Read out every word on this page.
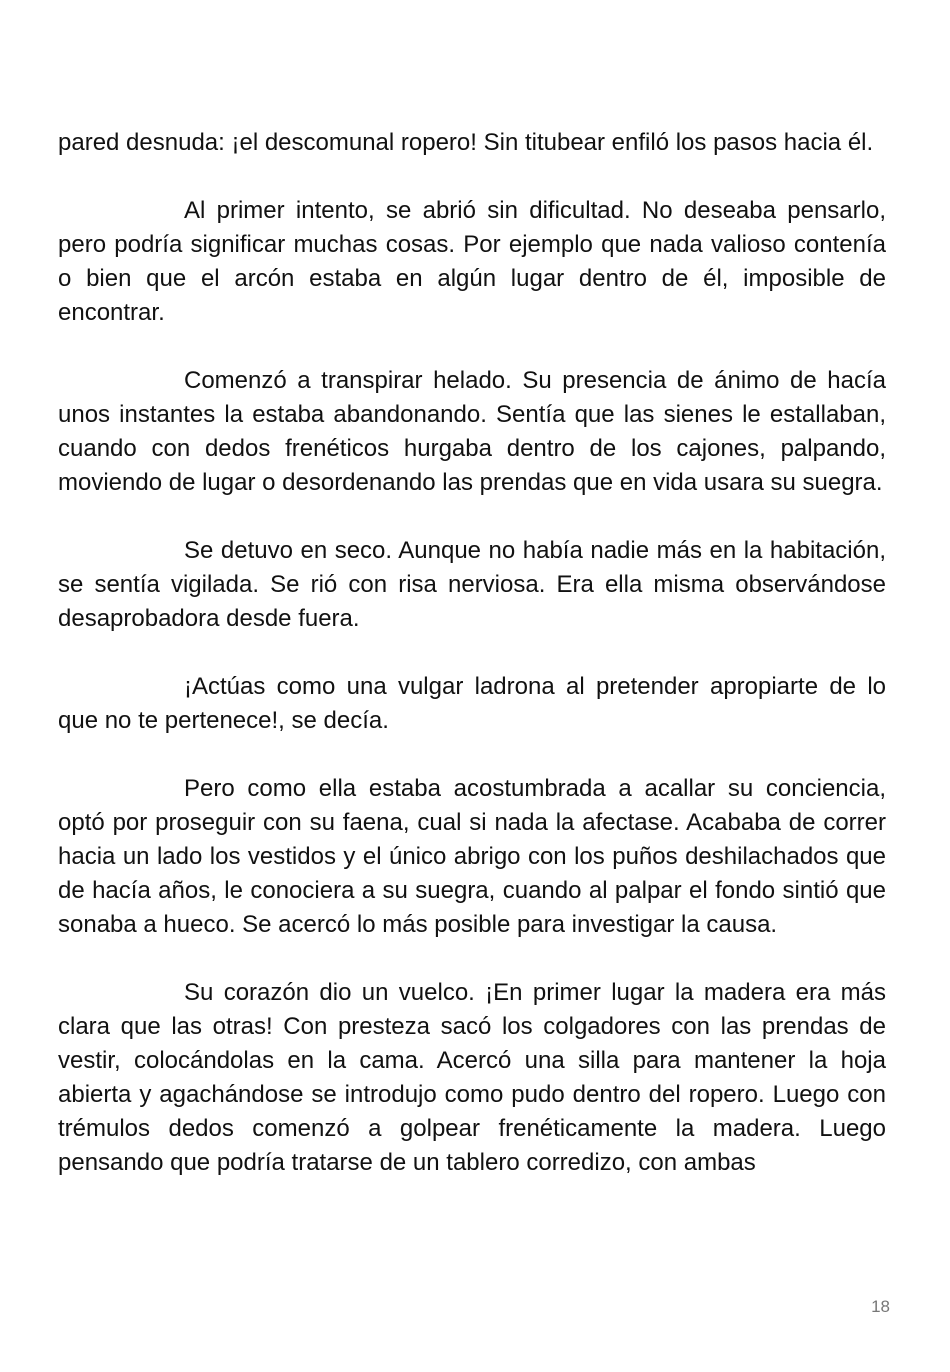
pared desnuda: ¡el descomunal ropero! Sin titubear enfiló los pasos hacia él.

Al primer intento, se abrió sin dificultad. No deseaba pensarlo, pero podría significar muchas cosas. Por ejemplo que nada valioso contenía o bien que el arcón estaba en algún lugar dentro de él, imposible de encontrar.

Comenzó a transpirar helado. Su presencia de ánimo de hacía unos instantes la estaba abandonando. Sentía que las sienes le estallaban, cuando con dedos frenéticos hurgaba dentro de los cajones, palpando, moviendo de lugar o desordenando las prendas que en vida usara su suegra.

Se detuvo en seco. Aunque no había nadie más en la habitación, se sentía vigilada. Se rió con risa nerviosa. Era ella misma observándose desaprobadora desde fuera.

¡Actúas como una vulgar ladrona al pretender apropiarte de lo que no te pertenece!, se decía.

Pero como ella estaba acostumbrada a acallar su conciencia, optó por proseguir con su faena, cual si nada la afectase. Acababa de correr hacia un lado los vestidos y el único abrigo con los puños deshilachados que de hacía años, le conociera a su suegra, cuando al palpar el fondo sintió que sonaba a hueco. Se acercó lo más posible para investigar la causa.

Su corazón dio un vuelco. ¡En primer lugar la madera era más clara que las otras! Con presteza sacó los colgadores con las prendas de vestir, colocándolas en la cama. Acercó una silla para mantener la hoja abierta y agachándose se introdujo como pudo dentro del ropero. Luego con trémulos dedos comenzó a golpear frenéticamente la madera. Luego pensando que podría tratarse de un tablero corredizo, con ambas

18
